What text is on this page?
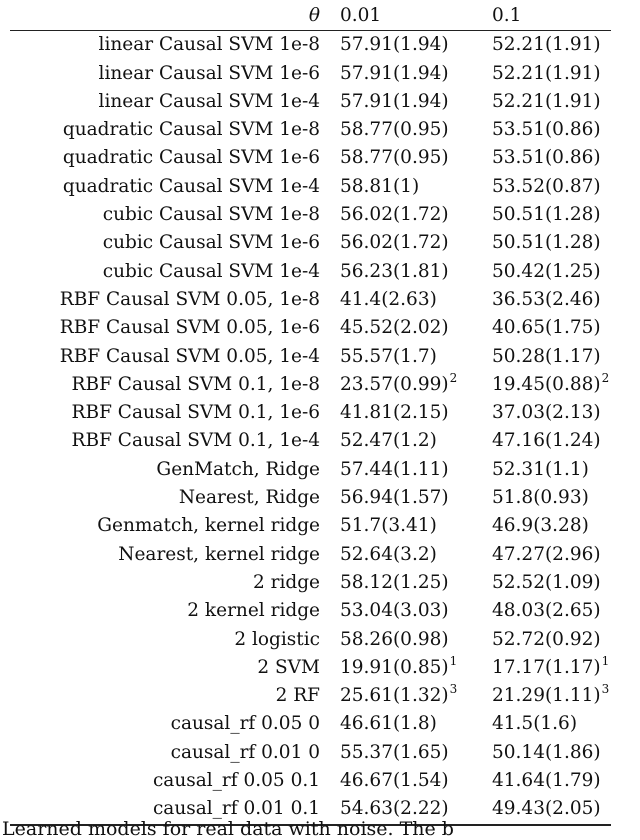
θ	0.01	0.1
linear Causal SVM 1e-8	57.91(1.94)	52.21(1.91)
linear Causal SVM 1e-6	57.91(1.94)	52.21(1.91)
linear Causal SVM 1e-4	57.91(1.94)	52.21(1.91)
quadratic Causal SVM 1e-8	58.77(0.95)	53.51(0.86)
quadratic Causal SVM 1e-6	58.77(0.95)	53.51(0.86)
quadratic Causal SVM 1e-4	58.81(1)	53.52(0.87)
cubic Causal SVM 1e-8	56.02(1.72)	50.51(1.28)
cubic Causal SVM 1e-6	56.02(1.72)	50.51(1.28)
cubic Causal SVM 1e-4	56.23(1.81)	50.42(1.25)
RBF Causal SVM 0.05, 1e-8	41.4(2.63)	36.53(2.46)
RBF Causal SVM 0.05, 1e-6	45.52(2.02)	40.65(1.75)
RBF Causal SVM 0.05, 1e-4	55.57(1.7)	50.28(1.17)
RBF Causal SVM 0.1, 1e-8	$23.57(0.99)^2$	$19.45(0.88)^2$
RBF Causal SVM 0.1, 1e-6	41.81(2.15)	37.03(2.13)
RBF Causal SVM 0.1, 1e-4	52.47(1.2)	47.16(1.24)
GenMatch, Ridge	57.44(1.11)	52.31(1.1)
Nearest, Ridge	56.94(1.57)	51.8(0.93)
Genmatch, kernel ridge	51.7(3.41)	46.9(3.28)
Nearest, kernel ridge	52.64(3.2)	47.27(2.96)
2 ridge	58.12(1.25)	52.52(1.09)
2 kernel ridge	53.04(3.03)	48.03(2.65)
2 logistic	58.26(0.98)	52.72(0.92)
2 SVM	$19.91(0.85)^1$	$17.17(1.17)^1$
2 RF	$25.61(1.32)^3$	$21.29(1.11)^3$
causal_rf 0.05 0	46.61(1.8)	41.5(1.6)
causal_rf 0.01 0	55.37(1.65)	50.14(1.86)
causal_rf 0.05 0.1	46.67(1.54)	41.64(1.79)
causal_rf 0.01 0.1	54.63(2.22)	49.43(2.05)
Learned models for real data with noise. The b
